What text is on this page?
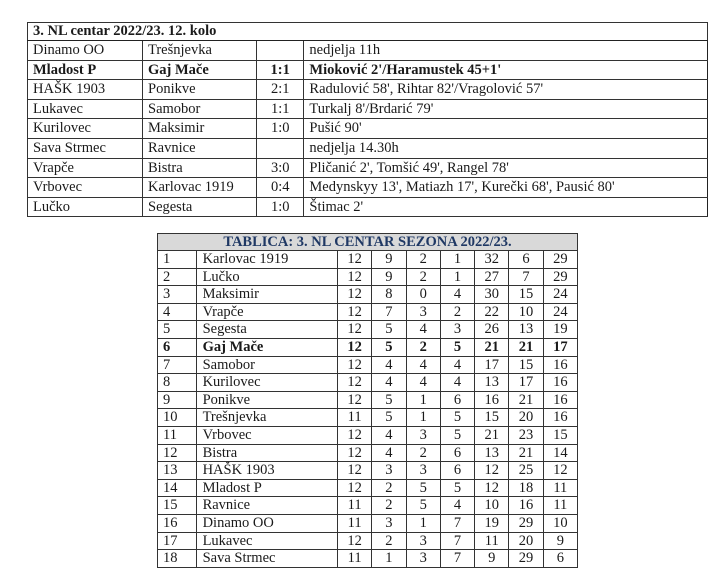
3. NL centar 2022/23. 12. kolo			
Dinamo OO	Trešnjevka		nedjelja 11h
Mladost P	Gaj Mače	1:1	Mioković 2'/Haramustek 45+1'
HAŠK 1903	Ponikve	2:1	Radulović 58', Rihtar 82'/Vragolović 57'
Lukavec	Samobor	1:1	Turkalj 8'/Brdarić 79'
Kurilovec	Maksimir	1:0	Pušić 90'
Sava Strmec	Ravnice		nedjelja 14.30h
Vrapče	Bistra	3:0	Pličanić 2', Tomšić 49', Rangel 78'
Vrbovec	Karlovac 1919	0:4	Medynskyy 13', Matiazh 17', Kurečki 68', Pausić 80'
Lučko	Segesta	1:0	Štimac 2'
TABLICA: 3. NL CENTAR SEZONA 2022/23.								
1	Karlovac 1919	12	9	2	1	32	6	29
2	Lučko	12	9	2	1	27	7	29
3	Maksimir	12	8	0	4	30	15	24
4	Vrapče	12	7	3	2	22	10	24
5	Segesta	12	5	4	3	26	13	19
6	Gaj Mače	12	5	2	5	21	21	17
7	Samobor	12	4	4	4	17	15	16
8	Kurilovec	12	4	4	4	13	17	16
9	Ponikve	12	5	1	6	16	21	16
10	Trešnjevka	11	5	1	5	15	20	16
11	Vrbovec	12	4	3	5	21	23	15
12	Bistra	12	4	2	6	13	21	14
13	HAŠK 1903	12	3	3	6	12	25	12
14	Mladost P	12	2	5	5	12	18	11
15	Ravnice	11	2	5	4	10	16	11
16	Dinamo OO	11	3	1	7	19	29	10
17	Lukavec	12	2	3	7	11	20	9
18	Sava Strmec	11	1	3	7	9	29	6
